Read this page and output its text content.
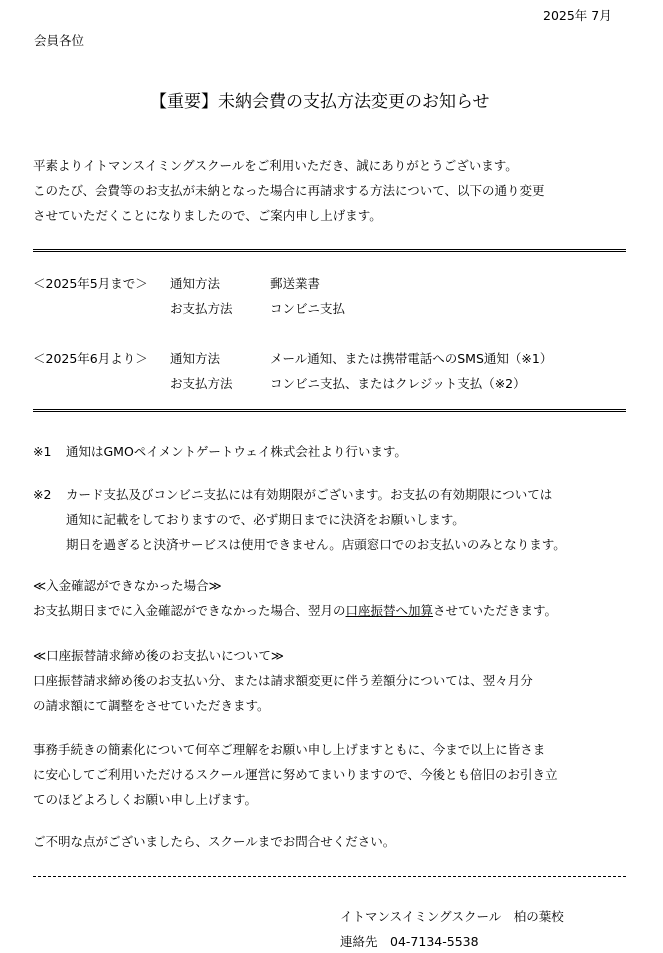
2025年 7月
会員各位
【重要】未納会費の支払方法変更のお知らせ
平素よりイトマンスイミングスクールをご利用いただき、誠にありがとうございます。
このたび、会費等のお支払が未納となった場合に再請求する方法について、以下の通り変更
させていただくことになりましたので、ご案内申し上げます。
＜2025年5月まで＞ 通知方法	郵送業書
お支払方法	コンビニ支払
＜2025年6月より＞ 通知方法	メール通知、または携帯電話へのSMS通知（※1）
お支払方法	コンビニ支払、またはクレジット支払（※2）
※1 通知はGMOペイメントゲートウェイ株式会社より行います。
※2 カード支払及びコンビニ支払には有効期限がございます。お支払の有効期限については
通知に記載をしておりますので、必ず期日までに決済をお願いします。
期日を過ぎると決済サービスは使用できません。店頭窓口でのお支払いのみとなります。
≪入金確認ができなかった場合≫
お支払期日までに入金確認ができなかった場合、翌月の口座振替へ加算させていただきます。
≪口座振替請求締め後のお支払いについて≫
口座振替請求締め後のお支払い分、または請求額変更に伴う差額分については、翌々月分
の請求額にて調整をさせていただきます。
事務手続きの簡素化について何卒ご理解をお願い申し上げますともに、今まで以上に皆さま
に安心してご利用いただけるスクール運営に努めてまいりますので、今後とも倍旧のお引き立
てのほどよろしくお願い申し上げます。
ご不明な点がございましたら、スクールまでお問合せください。
イトマンスイミングスクール　柏の葉校
連絡先　04-7134-5538
